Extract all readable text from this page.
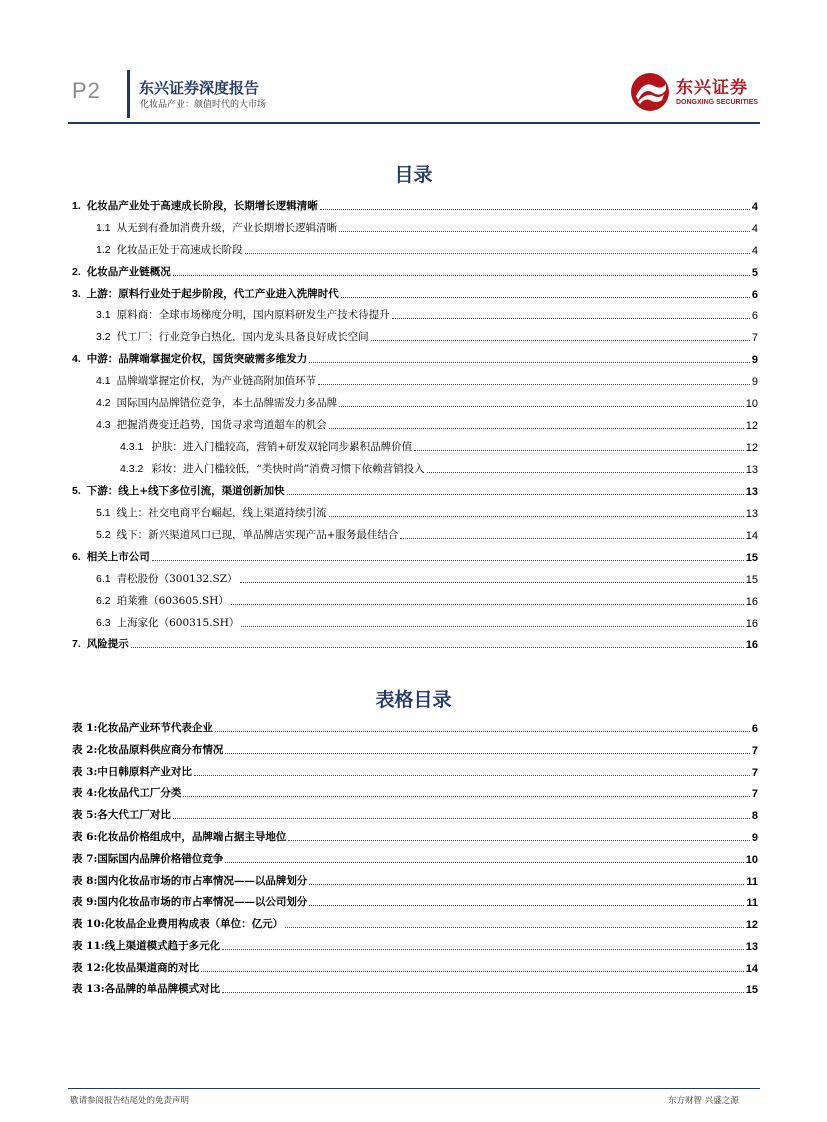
P2	东兴证券深度报告
化妆品产业：颜值时代的大市场
东兴证券
DONGXING SECURITIES
目录
1. 化妆品产业处于高速成长阶段，长期增长逻辑清晰	4
1.1 从无到有叠加消费升级，产业长期增长逻辑清晰	4
1.2 化妆品正处于高速成长阶段	4
2. 化妆品产业链概况	5
3. 上游：原料行业处于起步阶段，代工产业进入洗牌时代	6
3.1 原料商：全球市场梯度分明，国内原料研发生产技术待提升	6
3.2 代工厂：行业竞争白热化，国内龙头具备良好成长空间	7
4. 中游：品牌端掌握定价权，国货突破需多维发力	9
4.1 品牌端掌握定价权，为产业链高附加值环节	9
4.2 国际国内品牌错位竞争，本土品牌需发力多品牌	10
4.3 把握消费变迁趋势，国货寻求弯道超车的机会	12
4.3.1 护肤：进入门槛较高，营销+研发双轮同步累积品牌价值	12
4.3.2 彩妆：进入门槛较低，“类快时尚”消费习惯下依赖营销投入	13
5. 下游：线上+线下多位引流，渠道创新加快	13
5.1 线上：社交电商平台崛起，线上渠道持续引流	13
5.2 线下：新兴渠道风口已现，单品牌店实现产品+服务最佳结合	14
6. 相关上市公司	15
6.1 青松股份（300132.SZ）	15
6.2 珀莱雅（603605.SH）	16
6.3 上海家化（600315.SH）	16
7. 风险提示	16
表格目录
表 1:化妆品产业环节代表企业	6
表 2:化妆品原料供应商分布情况	7
表 3:中日韩原料产业对比	7
表 4:化妆品代工厂分类	7
表 5:各大代工厂对比	8
表 6:化妆品价格组成中，品牌端占据主导地位	9
表 7:国际国内品牌价格错位竞争	10
表 8:国内化妆品市场的市占率情况——以品牌划分	11
表 9:国内化妆品市场的市占率情况——以公司划分	11
表 10:化妆品企业费用构成表（单位：亿元）	12
表 11:线上渠道模式趋于多元化	13
表 12:化妆品渠道商的对比	14
表 13:各品牌的单品牌模式对比	15
敬请参阅报告结尾处的免责声明	东方财智 兴盛之源
